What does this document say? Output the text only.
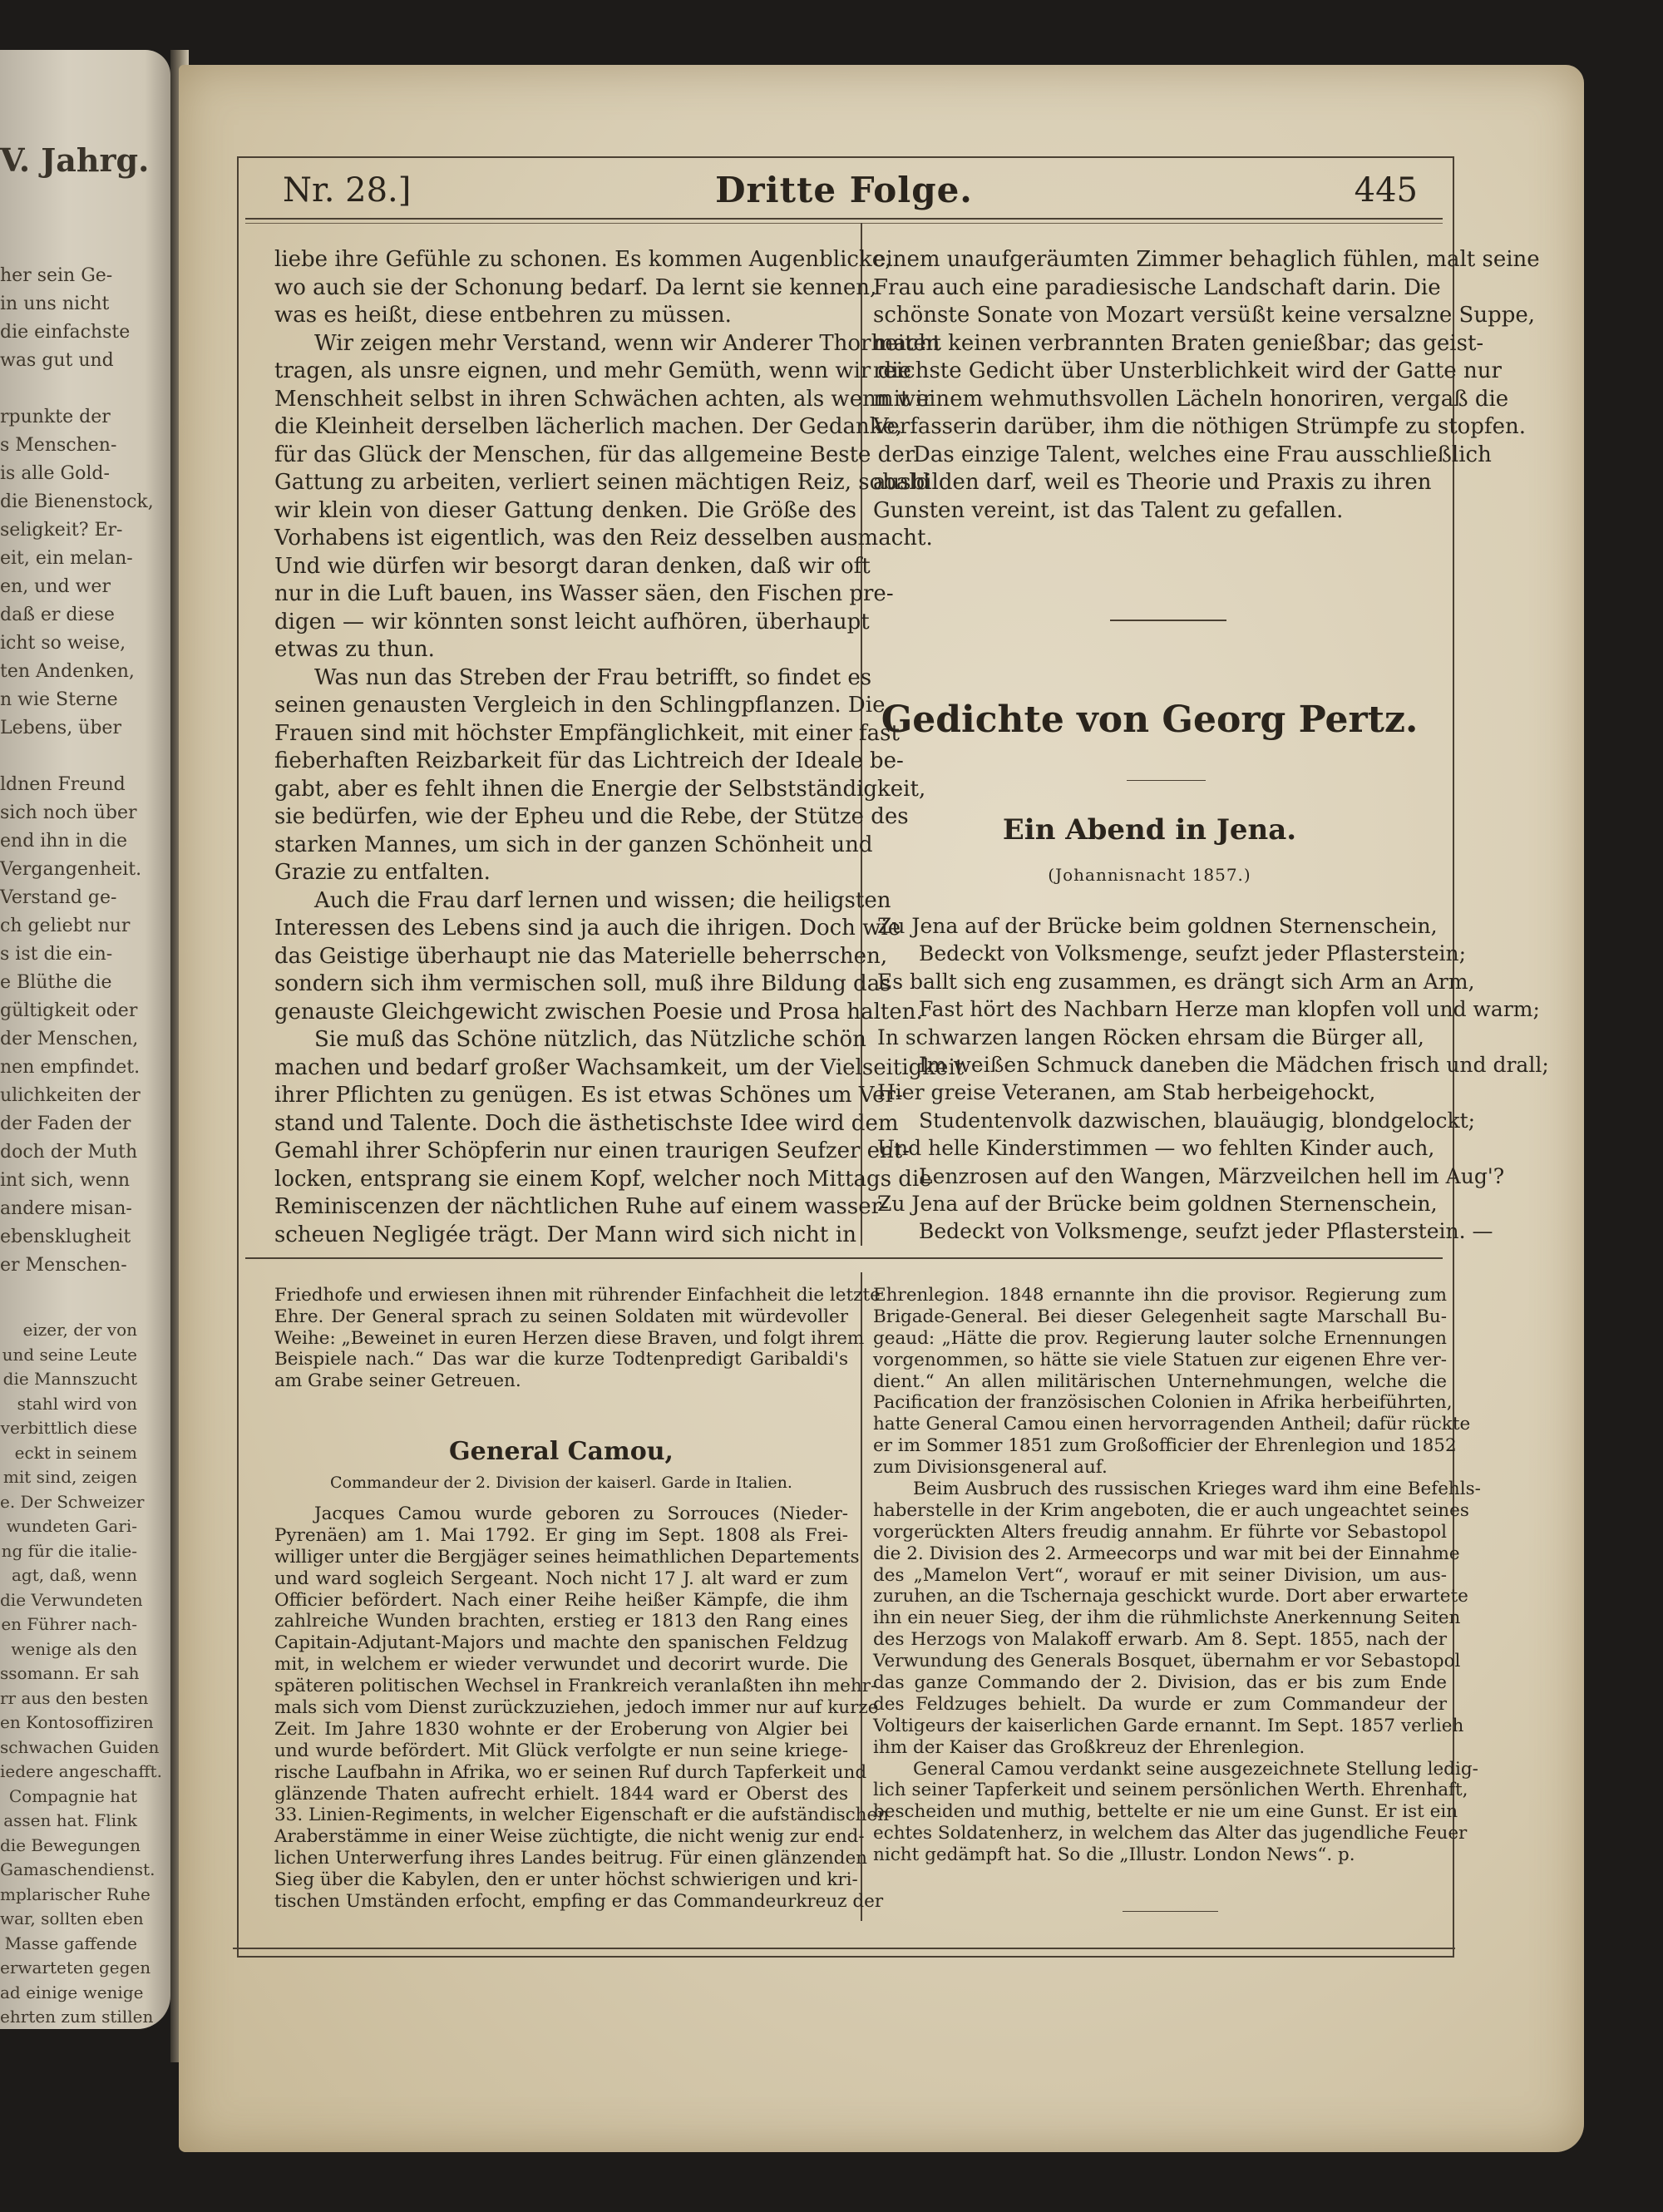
V. Jahrg.
her sein Ge-
in uns nicht
die einfachste
was gut und
rpunkte der
s Menschen-
is alle Gold-
die Bienenstock,
seligkeit? Er-
eit, ein melan-
en, und wer
daß er diese
icht so weise,
ten Andenken,
n wie Sterne
Lebens, über
ldnen Freund
sich noch über
end ihn in die
Vergangenheit.
Verstand ge-
ch geliebt nur
s ist die ein-
e Blüthe die
gültigkeit oder
der Menschen,
nen empfindet.
ulichkeiten der
der Faden der
doch der Muth
int sich, wenn
andere misan-
ebensklugheit
er Menschen-
eizer, der von
und seine Leute
die Mannszucht
stahl wird von
verbittlich diese
eckt in seinem
mit sind, zeigen
e. Der Schweizer
wundeten Gari-
ng für die italie-
agt, daß, wenn
die Verwundeten
en Führer nach-
wenige als den
ssomann. Er sah
rr aus den besten
en Kontosoffiziren
schwachen Guiden
iedere angeschafft.
Compagnie hat
assen hat. Flink
die Bewegungen
Gamaschendienst.
mplarischer Ruhe
war, sollten eben
Masse gaffende
erwarteten gegen
ad einige wenige
ehrten zum stillen
Nr. 28.]	Dritte Folge.	445
liebe ihre Gefühle zu schonen. Es kommen Augenblicke,
wo auch sie der Schonung bedarf. Da lernt sie kennen,
was es heißt, diese entbehren zu müssen.
Wir zeigen mehr Verstand, wenn wir Anderer Thorheiten
tragen, als unsre eignen, und mehr Gemüth, wenn wir die
Menschheit selbst in ihren Schwächen achten, als wenn wir
die Kleinheit derselben lächerlich machen. Der Gedanke,
für das Glück der Menschen, für das allgemeine Beste der
Gattung zu arbeiten, verliert seinen mächtigen Reiz, sobald
wir klein von dieser Gattung denken. Die Größe des
Vorhabens ist eigentlich, was den Reiz desselben ausmacht.
Und wie dürfen wir besorgt daran denken, daß wir oft
nur in die Luft bauen, ins Wasser säen, den Fischen pre-
digen — wir könnten sonst leicht aufhören, überhaupt
etwas zu thun.
Was nun das Streben der Frau betrifft, so findet es
seinen genausten Vergleich in den Schlingpflanzen. Die
Frauen sind mit höchster Empfänglichkeit, mit einer fast
fieberhaften Reizbarkeit für das Lichtreich der Ideale be-
gabt, aber es fehlt ihnen die Energie der Selbstständigkeit,
sie bedürfen, wie der Epheu und die Rebe, der Stütze des
starken Mannes, um sich in der ganzen Schönheit und
Grazie zu entfalten.
Auch die Frau darf lernen und wissen; die heiligsten
Interessen des Lebens sind ja auch die ihrigen. Doch wie
das Geistige überhaupt nie das Materielle beherrschen,
sondern sich ihm vermischen soll, muß ihre Bildung das
genauste Gleichgewicht zwischen Poesie und Prosa halten.
Sie muß das Schöne nützlich, das Nützliche schön
machen und bedarf großer Wachsamkeit, um der Vielseitigkeit
ihrer Pflichten zu genügen. Es ist etwas Schönes um Ver-
stand und Talente. Doch die ästhetischste Idee wird dem
Gemahl ihrer Schöpferin nur einen traurigen Seufzer ent-
locken, entsprang sie einem Kopf, welcher noch Mittags die
Reminiscenzen der nächtlichen Ruhe auf einem wasser-
scheuen Negligée trägt. Der Mann wird sich nicht in
einem unaufgeräumten Zimmer behaglich fühlen, malt seine
Frau auch eine paradiesische Landschaft darin. Die
schönste Sonate von Mozart versüßt keine versalzne Suppe,
macht keinen verbrannten Braten genießbar; das geist-
reichste Gedicht über Unsterblichkeit wird der Gatte nur
mit einem wehmuthsvollen Lächeln honoriren, vergaß die
Verfasserin darüber, ihm die nöthigen Strümpfe zu stopfen.
Das einzige Talent, welches eine Frau ausschließlich
ausbilden darf, weil es Theorie und Praxis zu ihren
Gunsten vereint, ist das Talent zu gefallen.
Gedichte von Georg Pertz.
Ein Abend in Jena.
(Johannisnacht 1857.)
Zu Jena auf der Brücke beim goldnen Sternenschein,
Bedeckt von Volksmenge, seufzt jeder Pflasterstein;
Es ballt sich eng zusammen, es drängt sich Arm an Arm,
Fast hört des Nachbarn Herze man klopfen voll und warm;
In schwarzen langen Röcken ehrsam die Bürger all,
Im weißen Schmuck daneben die Mädchen frisch und drall;
Hier greise Veteranen, am Stab herbeigehockt,
Studentenvolk dazwischen, blauäugig, blondgelockt;
Und helle Kinderstimmen — wo fehlten Kinder auch,
Lenzrosen auf den Wangen, Märzveilchen hell im Aug'?
Zu Jena auf der Brücke beim goldnen Sternenschein,
Bedeckt von Volksmenge, seufzt jeder Pflasterstein. —
Friedhofe und erwiesen ihnen mit rührender Einfachheit die letzte
Ehre. Der General sprach zu seinen Soldaten mit würdevoller
Weihe: „Beweinet in euren Herzen diese Braven, und folgt ihrem
Beispiele nach.“ Das war die kurze Todtenpredigt Garibaldi's
am Grabe seiner Getreuen.
General Camou,
Commandeur der 2. Division der kaiserl. Garde in Italien.
Jacques Camou wurde geboren zu Sorrouces (Nieder-
Pyrenäen) am 1. Mai 1792. Er ging im Sept. 1808 als Frei-
williger unter die Bergjäger seines heimathlichen Departements
und ward sogleich Sergeant. Noch nicht 17 J. alt ward er zum
Officier befördert. Nach einer Reihe heißer Kämpfe, die ihm
zahlreiche Wunden brachten, erstieg er 1813 den Rang eines
Capitain-Adjutant-Majors und machte den spanischen Feldzug
mit, in welchem er wieder verwundet und decorirt wurde. Die
späteren politischen Wechsel in Frankreich veranlaßten ihn mehr-
mals sich vom Dienst zurückzuziehen, jedoch immer nur auf kurze
Zeit. Im Jahre 1830 wohnte er der Eroberung von Algier bei
und wurde befördert. Mit Glück verfolgte er nun seine kriege-
rische Laufbahn in Afrika, wo er seinen Ruf durch Tapferkeit und
glänzende Thaten aufrecht erhielt. 1844 ward er Oberst des
33. Linien-Regiments, in welcher Eigenschaft er die aufständischen
Araberstämme in einer Weise züchtigte, die nicht wenig zur end-
lichen Unterwerfung ihres Landes beitrug. Für einen glänzenden
Sieg über die Kabylen, den er unter höchst schwierigen und kri-
tischen Umständen erfocht, empfing er das Commandeurkreuz der
Ehrenlegion. 1848 ernannte ihn die provisor. Regierung zum
Brigade-General. Bei dieser Gelegenheit sagte Marschall Bu-
geaud: „Hätte die prov. Regierung lauter solche Ernennungen
vorgenommen, so hätte sie viele Statuen zur eigenen Ehre ver-
dient.“ An allen militärischen Unternehmungen, welche die
Pacification der französischen Colonien in Afrika herbeiführten,
hatte General Camou einen hervorragenden Antheil; dafür rückte
er im Sommer 1851 zum Großofficier der Ehrenlegion und 1852
zum Divisionsgeneral auf.
Beim Ausbruch des russischen Krieges ward ihm eine Befehls-
haberstelle in der Krim angeboten, die er auch ungeachtet seines
vorgerückten Alters freudig annahm. Er führte vor Sebastopol
die 2. Division des 2. Armeecorps und war mit bei der Einnahme
des „Mamelon Vert“, worauf er mit seiner Division, um aus-
zuruhen, an die Tschernaja geschickt wurde. Dort aber erwartete
ihn ein neuer Sieg, der ihm die rühmlichste Anerkennung Seiten
des Herzogs von Malakoff erwarb. Am 8. Sept. 1855, nach der
Verwundung des Generals Bosquet, übernahm er vor Sebastopol
das ganze Commando der 2. Division, das er bis zum Ende
des Feldzuges behielt. Da wurde er zum Commandeur der
Voltigeurs der kaiserlichen Garde ernannt. Im Sept. 1857 verlieh
ihm der Kaiser das Großkreuz der Ehrenlegion.
General Camou verdankt seine ausgezeichnete Stellung ledig-
lich seiner Tapferkeit und seinem persönlichen Werth. Ehrenhaft,
bescheiden und muthig, bettelte er nie um eine Gunst. Er ist ein
echtes Soldatenherz, in welchem das Alter das jugendliche Feuer
nicht gedämpft hat. So die „Illustr. London News“. p.
